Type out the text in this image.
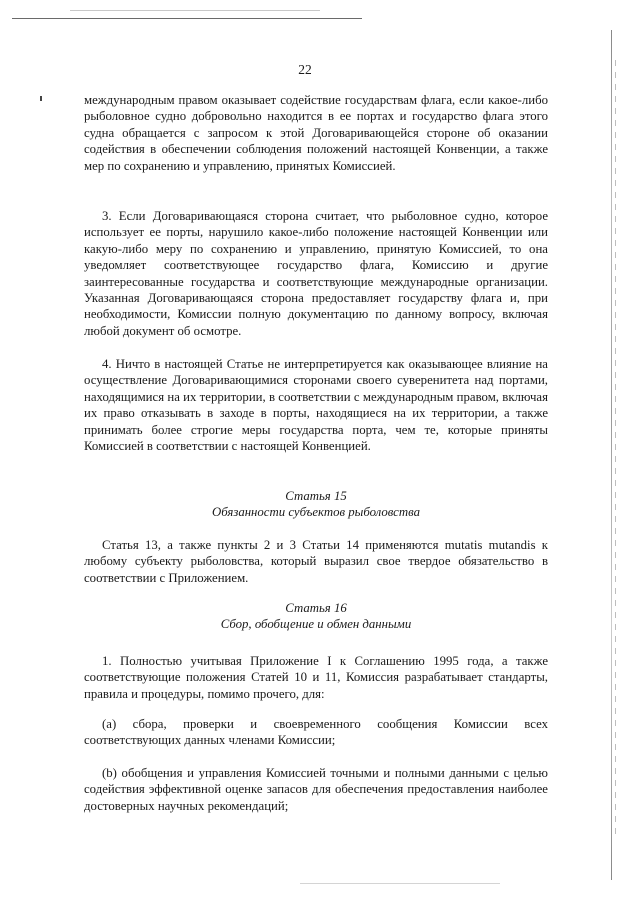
22

международным правом оказывает содействие государствам флага, если какое-либо рыболовное судно добровольно находится в ее портах и государство флага этого судна обращается с запросом к этой Договаривающейся стороне об оказании содействия в обеспечении соблюдения положений настоящей Конвенции, а также мер по сохранению и управлению, принятых Комиссией.

3. Если Договаривающаяся сторона считает, что рыболовное судно, которое использует ее порты, нарушило какое-либо положение настоящей Конвенции или какую-либо меру по сохранению и управлению, принятую Комиссией, то она уведомляет соответствующее государство флага, Комиссию и другие заинтересованные государства и соответствующие международные организации. Указанная Договаривающаяся сторона предоставляет государству флага и, при необходимости, Комиссии полную документацию по данному вопросу, включая любой документ об осмотре.

4. Ничто в настоящей Статье не интерпретируется как оказывающее влияние на осуществление Договаривающимися сторонами своего суверенитета над портами, находящимися на их территории, в соответствии с международным правом, включая их право отказывать в заходе в порты, находящиеся на их территории, а также принимать более строгие меры государства порта, чем те, которые приняты Комиссией в соответствии с настоящей Конвенцией.

Статья 15
Обязанности субъектов рыболовства

Статья 13, а также пункты 2 и 3 Статьи 14 применяются mutatis mutandis к любому субъекту рыболовства, который выразил свое твердое обязательство в соответствии с Приложением.

Статья 16
Сбор, обобщение и обмен данными

1. Полностью учитывая Приложение I к Соглашению 1995 года, а также соответствующие положения Статей 10 и 11, Комиссия разрабатывает стандарты, правила и процедуры, помимо прочего, для:

(a) сбора, проверки и своевременного сообщения Комиссии всех соответствующих данных членами Комиссии;

(b) обобщения и управления Комиссией точными и полными данными с целью содействия эффективной оценке запасов для обеспечения предоставления наиболее достоверных научных рекомендаций;
